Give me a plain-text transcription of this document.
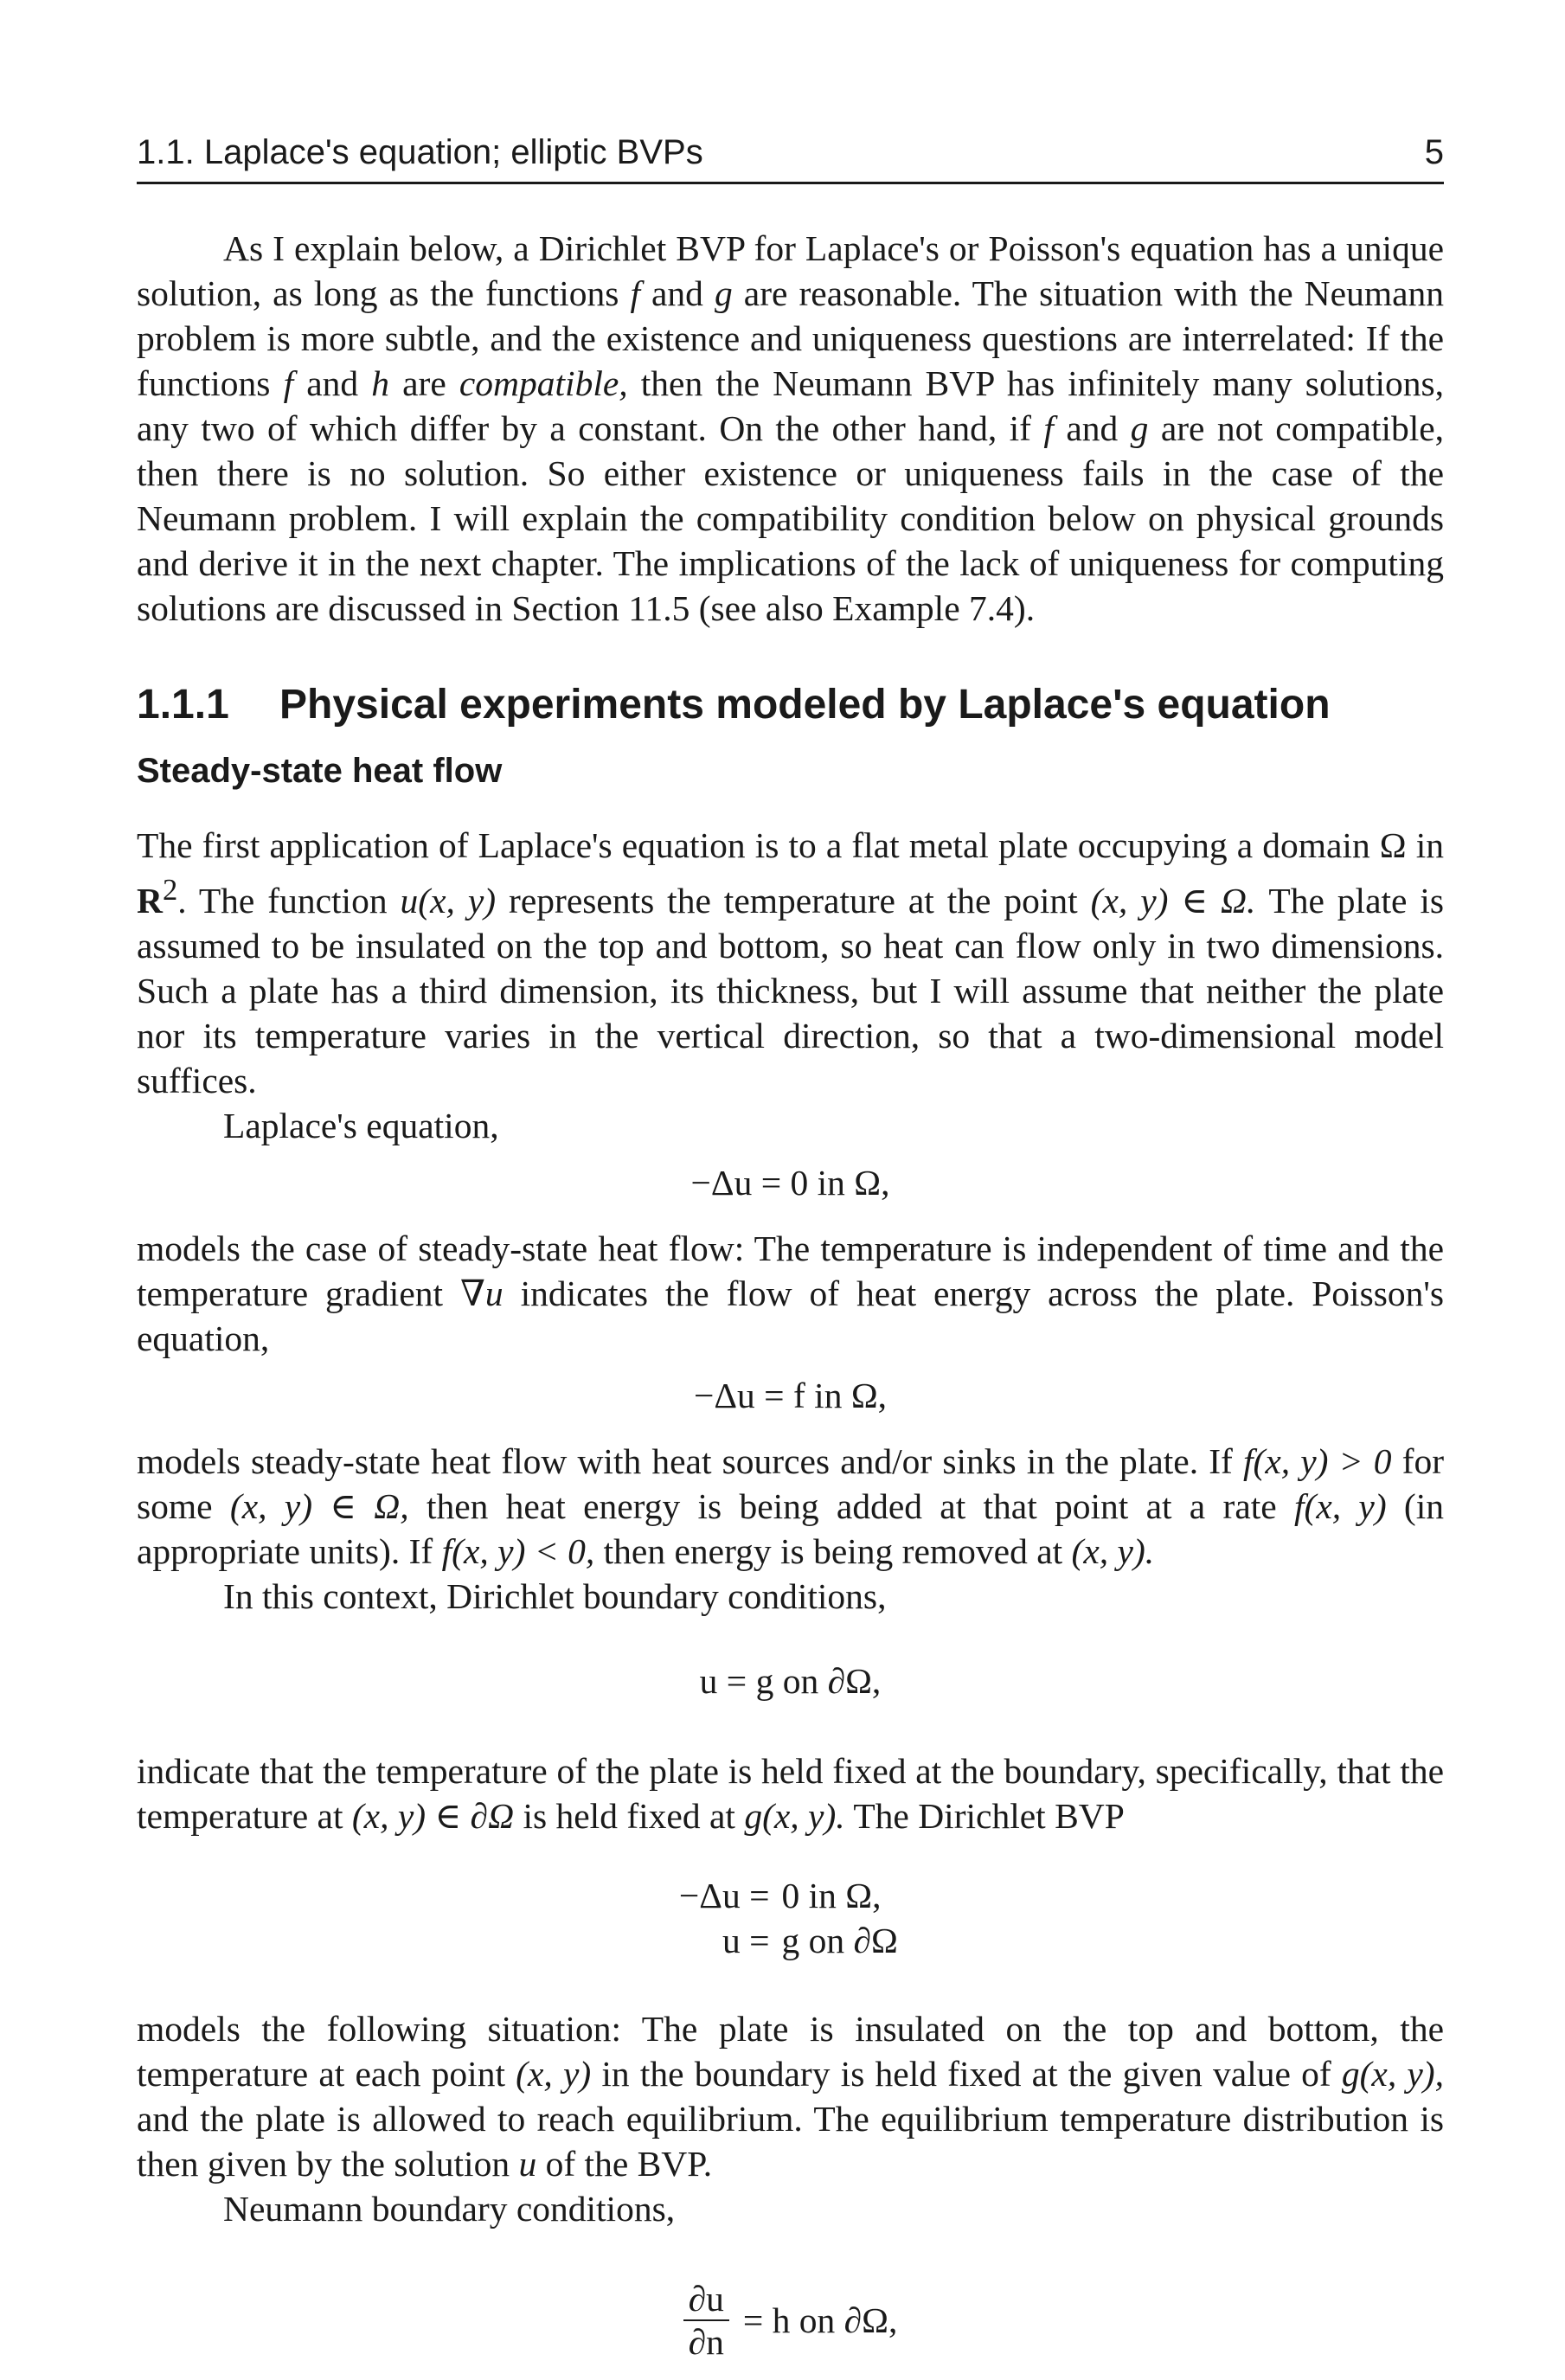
1.1. Laplace's equation; elliptic BVPs	5

As I explain below, a Dirichlet BVP for Laplace's or Poisson's equation has a unique solution, as long as the functions f and g are reasonable. The situation with the Neumann problem is more subtle, and the existence and uniqueness questions are interrelated: If the functions f and h are compatible, then the Neumann BVP has infinitely many solutions, any two of which differ by a constant. On the other hand, if f and g are not compatible, then there is no solution. So either existence or uniqueness fails in the case of the Neumann problem. I will explain the compatibility condition below on physical grounds and derive it in the next chapter. The implications of the lack of uniqueness for computing solutions are discussed in Section 11.5 (see also Example 7.4).

1.1.1 Physical experiments modeled by Laplace's equation
Steady-state heat flow

The first application of Laplace's equation is to a flat metal plate occupying a domain Ω in $R^2$. The function u(x, y) represents the temperature at the point (x, y) ∈ Ω. The plate is assumed to be insulated on the top and bottom, so heat can flow only in two dimensions. Such a plate has a third dimension, its thickness, but I will assume that neither the plate nor its temperature varies in the vertical direction, so that a two-dimensional model suffices.

Laplace's equation,

−Δu = 0 in Ω,

models the case of steady-state heat flow: The temperature is independent of time and the temperature gradient ∇u indicates the flow of heat energy across the plate. Poisson's equation,

−Δu = f in Ω,

models steady-state heat flow with heat sources and/or sinks in the plate. If f(x, y) > 0 for some (x, y) ∈ Ω, then heat energy is being added at that point at a rate f(x, y) (in appropriate units). If f(x, y) < 0, then energy is being removed at (x, y).

In this context, Dirichlet boundary conditions,

u = g on ∂Ω,

indicate that the temperature of the plate is held fixed at the boundary, specifically, that the temperature at (x, y) ∈ ∂Ω is held fixed at g(x, y). The Dirichlet BVP

−Δu = 0 in Ω,
u = g on ∂Ω

models the following situation: The plate is insulated on the top and bottom, the temperature at each point (x, y) in the boundary is held fixed at the given value of g(x, y), and the plate is allowed to reach equilibrium. The equilibrium temperature distribution is then given by the solution u of the BVP.

Neumann boundary conditions,

$\frac{\partial u}{\partial n} = h$ on ∂Ω,
